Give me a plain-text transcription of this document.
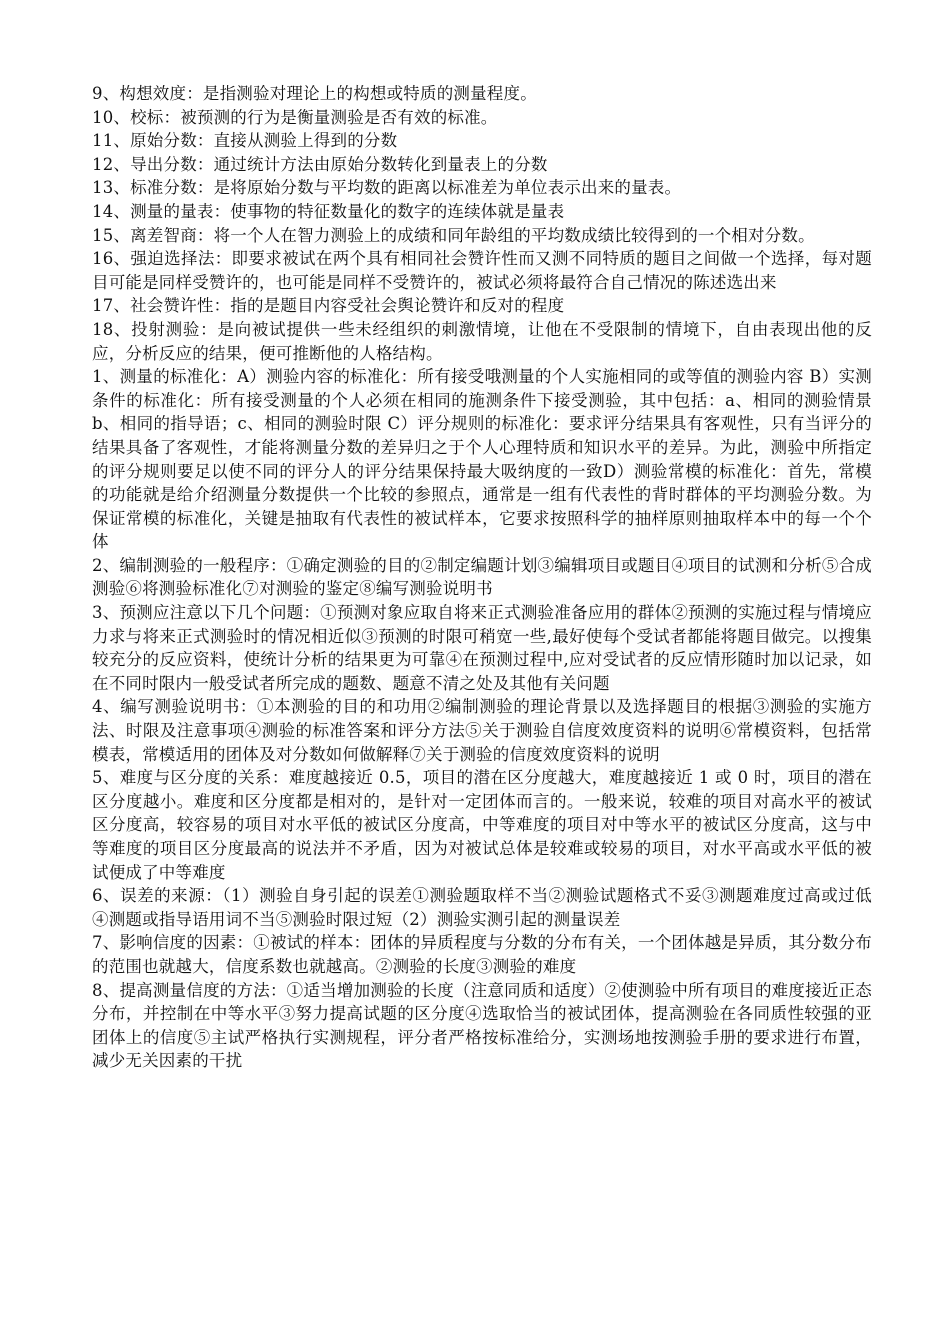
9、构想效度：是指测验对理论上的构想或特质的测量程度。

10、校标：被预测的行为是衡量测验是否有效的标准。

11、原始分数：直接从测验上得到的分数

12、导出分数：通过统计方法由原始分数转化到量表上的分数

13、标准分数：是将原始分数与平均数的距离以标准差为单位表示出来的量表。

14、测量的量表：使事物的特征数量化的数字的连续体就是量表

15、离差智商：将一个人在智力测验上的成绩和同年龄组的平均数成绩比较得到的一个相对分数。

16、强迫选择法：即要求被试在两个具有相同社会赞许性而又测不同特质的题目之间做一个选择，每对题目可能是同样受赞许的，也可能是同样不受赞许的，被试必须将最符合自己情况的陈述选出来

17、社会赞许性：指的是题目内容受社会舆论赞许和反对的程度

18、投射测验：是向被试提供一些未经组织的刺激情境，让他在不受限制的情境下，自由表现出他的反应，分析反应的结果，便可推断他的人格结构。

1、测量的标准化：A）测验内容的标准化：所有接受哦测量的个人实施相同的或等值的测验内容 B）实测条件的标准化：所有接受测量的个人必须在相同的施测条件下接受测验，其中包括：a、相同的测验情景 b、相同的指导语；c、相同的测验时限 C）评分规则的标准化：要求评分结果具有客观性，只有当评分的结果具备了客观性，才能将测量分数的差异归之于个人心理特质和知识水平的差异。为此，测验中所指定的评分规则要足以使不同的评分人的评分结果保持最大吸纳度的一致D）测验常模的标准化：首先，常模的功能就是给介绍测量分数提供一个比较的参照点，通常是一组有代表性的背时群体的平均测验分数。为保证常模的标准化，关键是抽取有代表性的被试样本，它要求按照科学的抽样原则抽取样本中的每一个个体

2、编制测验的一般程序：①确定测验的目的②制定编题计划③编辑项目或题目④项目的试测和分析⑤合成测验⑥将测验标准化⑦对测验的鉴定⑧编写测验说明书

3、预测应注意以下几个问题：①预测对象应取自将来正式测验准备应用的群体②预测的实施过程与情境应力求与将来正式测验时的情况相近似③预测的时限可稍宽一些,最好使每个受试者都能将题目做完。以搜集较充分的反应资料，使统计分析的结果更为可靠④在预测过程中,应对受试者的反应情形随时加以记录，如在不同时限内一般受试者所完成的题数、题意不清之处及其他有关问题

4、编写测验说明书：①本测验的目的和功用②编制测验的理论背景以及选择题目的根据③测验的实施方法、时限及注意事项④测验的标准答案和评分方法⑤关于测验自信度效度资料的说明⑥常模资料，包括常模表，常模适用的团体及对分数如何做解释⑦关于测验的信度效度资料的说明

5、难度与区分度的关系：难度越接近 0.5，项目的潜在区分度越大，难度越接近 1 或 0 时，项目的潜在区分度越小。难度和区分度都是相对的，是针对一定团体而言的。一般来说，较难的项目对高水平的被试区分度高，较容易的项目对水平低的被试区分度高，中等难度的项目对中等水平的被试区分度高，这与中等难度的项目区分度最高的说法并不矛盾，因为对被试总体是较难或较易的项目，对水平高或水平低的被试便成了中等难度

6、误差的来源：（1）测验自身引起的误差①测验题取样不当②测验试题格式不妥③测题难度过高或过低④测题或指导语用词不当⑤测验时限过短（2）测验实测引起的测量误差

7、影响信度的因素：①被试的样本：团体的异质程度与分数的分布有关，一个团体越是异质，其分数分布的范围也就越大，信度系数也就越高。②测验的长度③测验的难度

8、提高测量信度的方法：①适当增加测验的长度（注意同质和适度）②使测验中所有项目的难度接近正态分布，并控制在中等水平③努力提高试题的区分度④选取恰当的被试团体，提高测验在各同质性较强的亚团体上的信度⑤主试严格执行实测规程，评分者严格按标准给分，实测场地按测验手册的要求进行布置，减少无关因素的干扰
